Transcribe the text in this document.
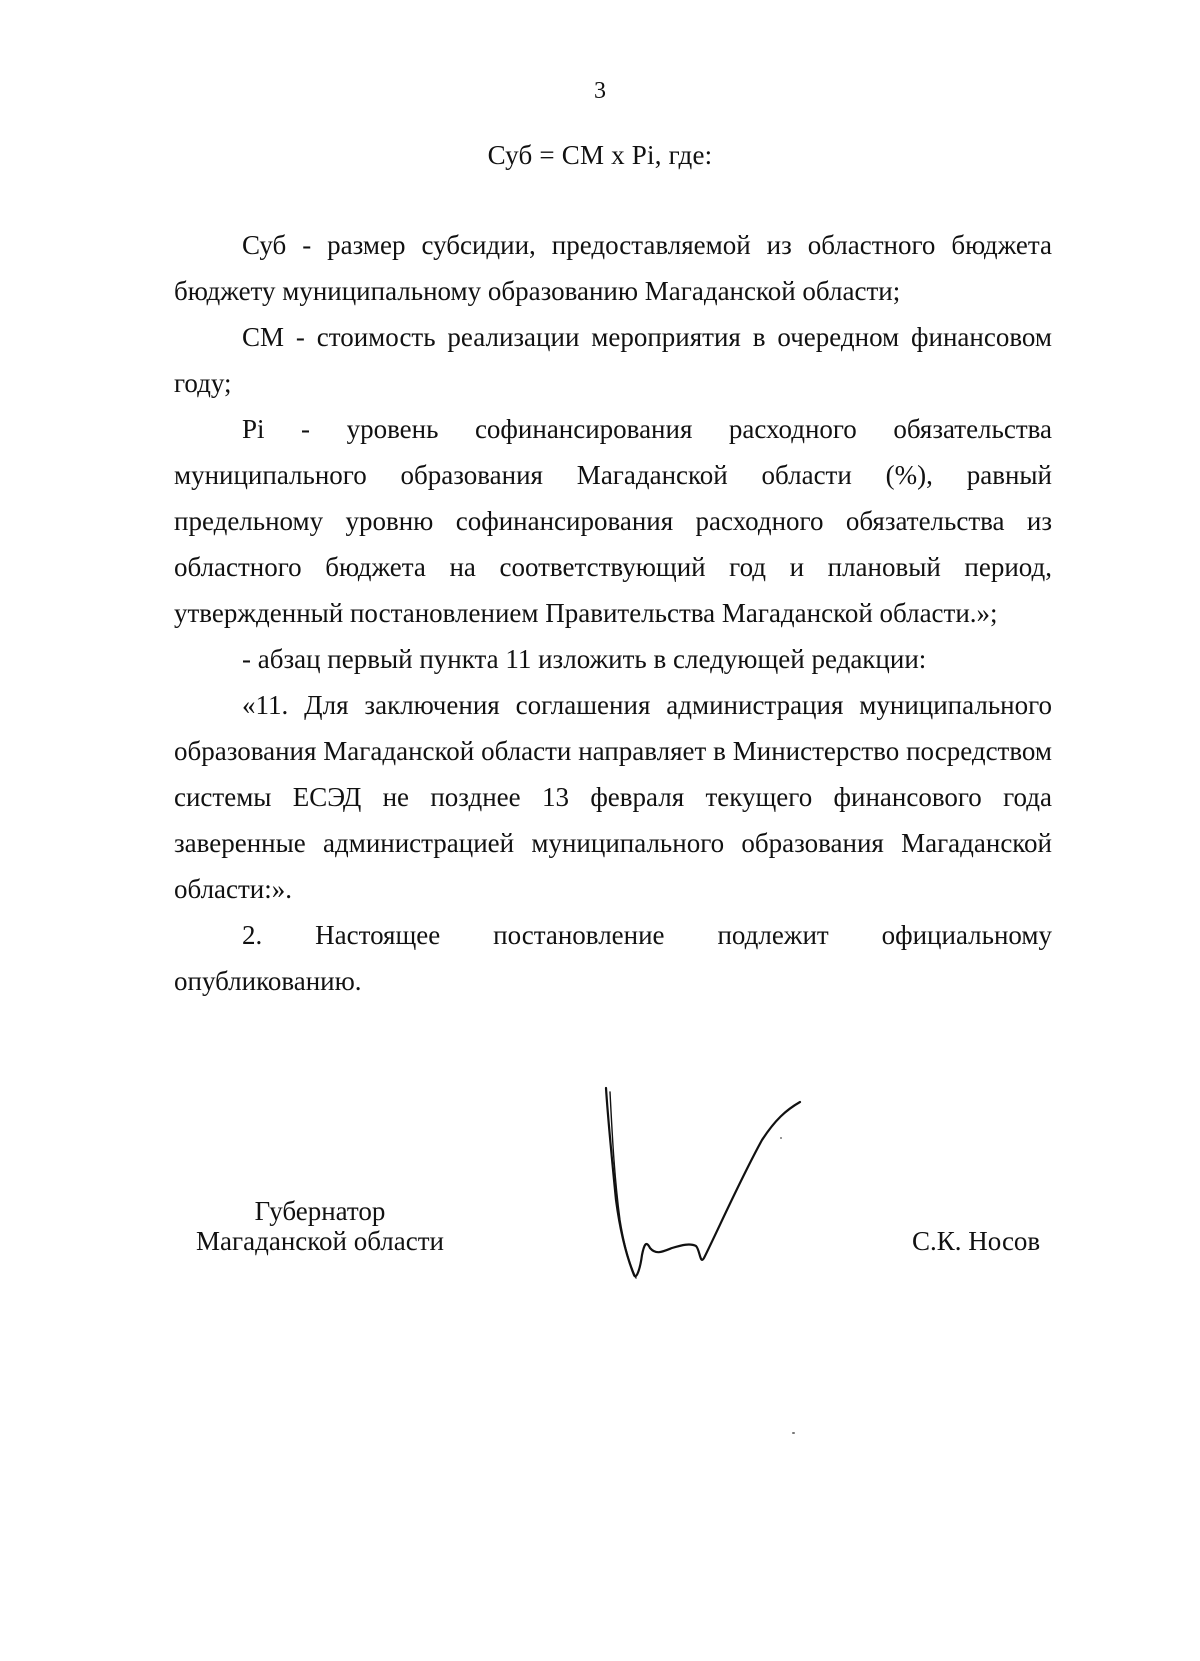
3
Суб = СМ х Pi, где:

Суб - размер субсидии, предоставляемой из областного бюджета бюджету муниципальному образованию Магаданской области;

СМ - стоимость реализации мероприятия в очередном финансовом году;

Pi - уровень софинансирования расходного обязательства муниципального образования Магаданской области (%), равный предельному уровню софинансирования расходного обязательства из областного бюджета на соответствующий год и плановый период, утвержденный постановлением Правительства Магаданской области.»;

- абзац первый пункта 11 изложить в следующей редакции:

«11. Для заключения соглашения администрация муниципального образования Магаданской области направляет в Министерство посредством системы ЕСЭД не позднее 13 февраля текущего финансового года заверенные администрацией муниципального образования Магаданской области:».

2. Настоящее постановление подлежит официальному опубликованию.

Губернатор
Магаданской области	С.К. Носов
